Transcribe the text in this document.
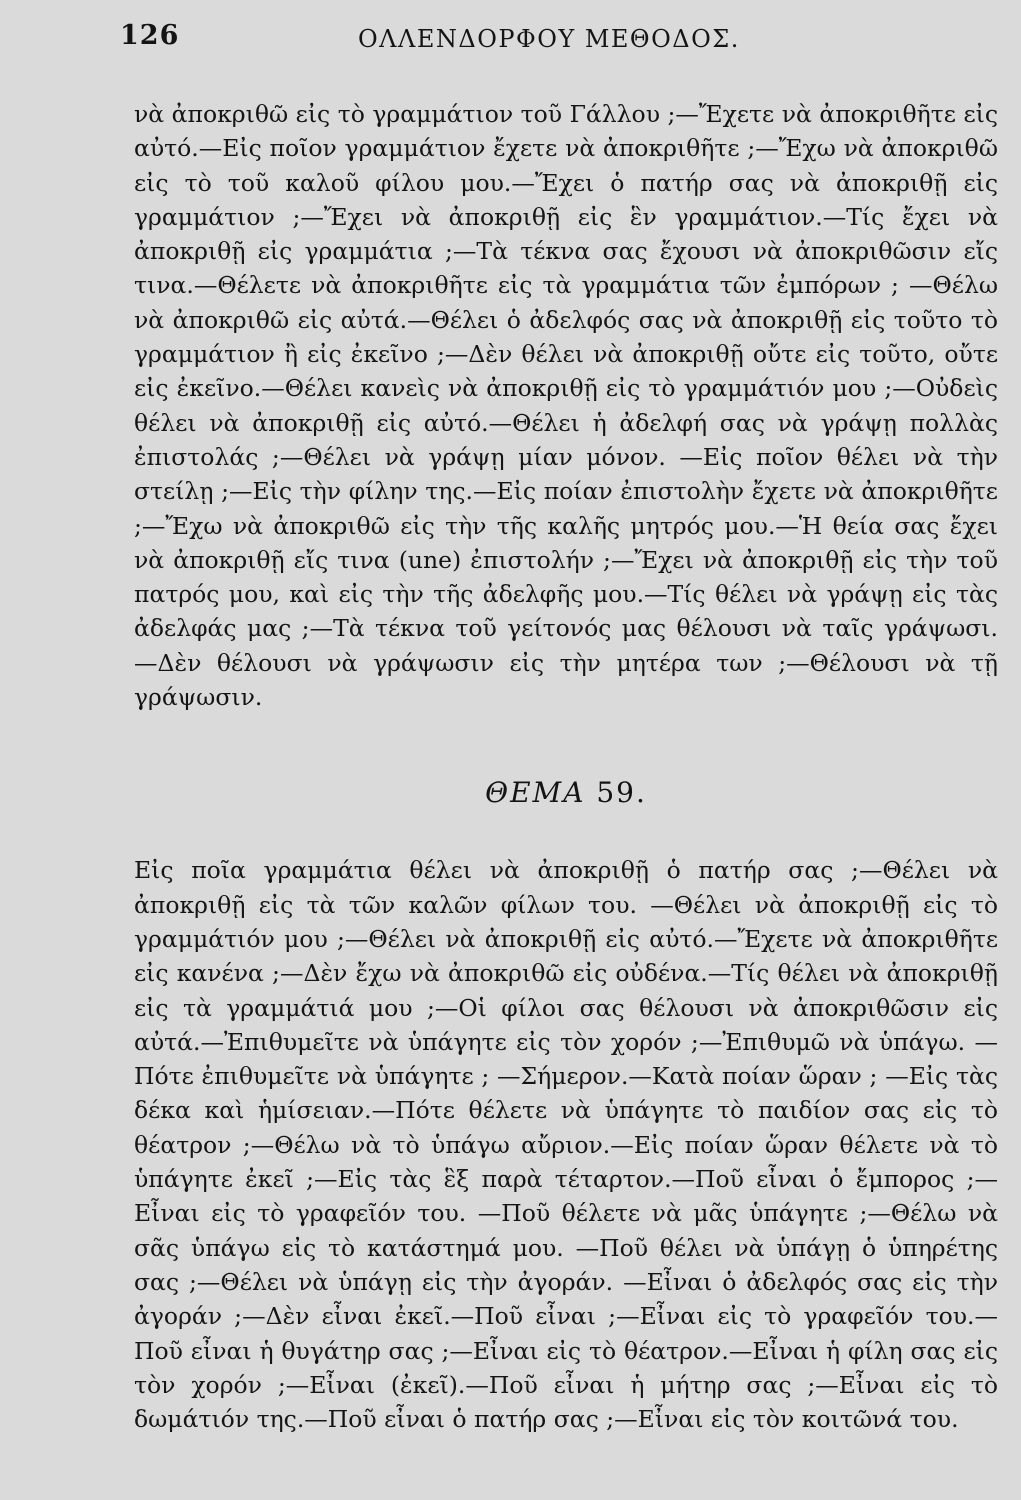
126	ΟΛΛΕΝΔΟΡΦΟΥ ΜΕΘΟΔΟΣ.

νὰ ἀποκριθῶ εἰς τὸ γραμμάτιον τοῦ Γάλλου ;—Ἔχετε νὰ ἀποκριθῆτε εἰς αὐτό.—Εἰς ποῖον γραμμάτιον ἔχετε νὰ ἀποκριθῆτε ;—Ἔχω νὰ ἀποκριθῶ εἰς τὸ τοῦ καλοῦ φίλου μου.—Ἔχει ὁ πατήρ σας νὰ ἀποκριθῇ εἰς γραμμάτιον ;—Ἔχει νὰ ἀποκριθῇ εἰς ἓν γραμμάτιον.—Τίς ἔχει νὰ ἀποκριθῇ εἰς γραμμάτια ;—Τὰ τέκνα σας ἔχουσι νὰ ἀποκριθῶσιν εἴς τινα.—Θέλετε νὰ ἀποκριθῆτε εἰς τὰ γραμμάτια τῶν ἐμπόρων ; —Θέλω νὰ ἀποκριθῶ εἰς αὐτά.—Θέλει ὁ ἀδελφός σας νὰ ἀποκριθῇ εἰς τοῦτο τὸ γραμμάτιον ἢ εἰς ἐκεῖνο ;—Δὲν θέλει νὰ ἀποκριθῇ οὔτε εἰς τοῦτο, οὔτε εἰς ἐκεῖνο.—Θέλει κανεὶς νὰ ἀποκριθῇ εἰς τὸ γραμμάτιόν μου ;—Οὐδεὶς θέλει νὰ ἀποκριθῇ εἰς αὐτό.—Θέλει ἡ ἀδελφή σας νὰ γράψῃ πολλὰς ἐπιστολάς ;—Θέλει νὰ γράψῃ μίαν μόνον. —Εἰς ποῖον θέλει νὰ τὴν στείλῃ ;—Εἰς τὴν φίλην της.—Εἰς ποίαν ἐπιστολὴν ἔχετε νὰ ἀποκριθῆτε ;—Ἔχω νὰ ἀποκριθῶ εἰς τὴν τῆς καλῆς μητρός μου.—Ἡ θεία σας ἔχει νὰ ἀποκριθῇ εἴς τινα (une) ἐπιστολήν ;—Ἔχει νὰ ἀποκριθῇ εἰς τὴν τοῦ πατρός μου, καὶ εἰς τὴν τῆς ἀδελφῆς μου.—Τίς θέλει νὰ γράψῃ εἰς τὰς ἀδελφάς μας ;—Τὰ τέκνα τοῦ γείτονός μας θέλουσι νὰ ταῖς γράψωσι. —Δὲν θέλουσι νὰ γράψωσιν εἰς τὴν μητέρα των ;—Θέλουσι νὰ τῇ γράψωσιν.

ΘΕΜΑ 59.

Εἰς ποῖα γραμμάτια θέλει νὰ ἀποκριθῇ ὁ πατήρ σας ;—Θέλει νὰ ἀποκριθῇ εἰς τὰ τῶν καλῶν φίλων του. —Θέλει νὰ ἀποκριθῇ εἰς τὸ γραμμάτιόν μου ;—Θέλει νὰ ἀποκριθῇ εἰς αὐτό.—Ἔχετε νὰ ἀποκριθῆτε εἰς κανένα ;—Δὲν ἔχω νὰ ἀποκριθῶ εἰς οὐδένα.—Τίς θέλει νὰ ἀποκριθῇ εἰς τὰ γραμμάτιά μου ;—Οἱ φίλοι σας θέλουσι νὰ ἀποκριθῶσιν εἰς αὐτά.—Ἐπιθυμεῖτε νὰ ὑπάγητε εἰς τὸν χορόν ;—Ἐπιθυμῶ νὰ ὑπάγω. —Πότε ἐπιθυμεῖτε νὰ ὑπάγητε ; —Σήμερον.—Κατὰ ποίαν ὥραν ; —Εἰς τὰς δέκα καὶ ἡμίσειαν.—Πότε θέλετε νὰ ὑπάγητε τὸ παιδίον σας εἰς τὸ θέατρον ;—Θέλω νὰ τὸ ὑπάγω αὔριον.—Εἰς ποίαν ὥραν θέλετε νὰ τὸ ὑπάγητε ἐκεῖ ;—Εἰς τὰς ἓξ παρὰ τέταρτον.—Ποῦ εἶναι ὁ ἔμπορος ;—Εἶναι εἰς τὸ γραφεῖόν του. —Ποῦ θέλετε νὰ μᾶς ὑπάγητε ;—Θέλω νὰ σᾶς ὑπάγω εἰς τὸ κατάστημά μου. —Ποῦ θέλει νὰ ὑπάγῃ ὁ ὑπηρέτης σας ;—Θέλει νὰ ὑπάγῃ εἰς τὴν ἀγοράν. —Εἶναι ὁ ἀδελφός σας εἰς τὴν ἀγοράν ;—Δὲν εἶναι ἐκεῖ.—Ποῦ εἶναι ;—Εἶναι εἰς τὸ γραφεῖόν του.—Ποῦ εἶναι ἡ θυγάτηρ σας ;—Εἶναι εἰς τὸ θέατρον.—Εἶναι ἡ φίλη σας εἰς τὸν χορόν ;—Εἶναι (ἐκεῖ).—Ποῦ εἶναι ἡ μήτηρ σας ;—Εἶναι εἰς τὸ δωμάτιόν της.—Ποῦ εἶναι ὁ πατήρ σας ;—Εἶναι εἰς τὸν κοιτῶνά του.
